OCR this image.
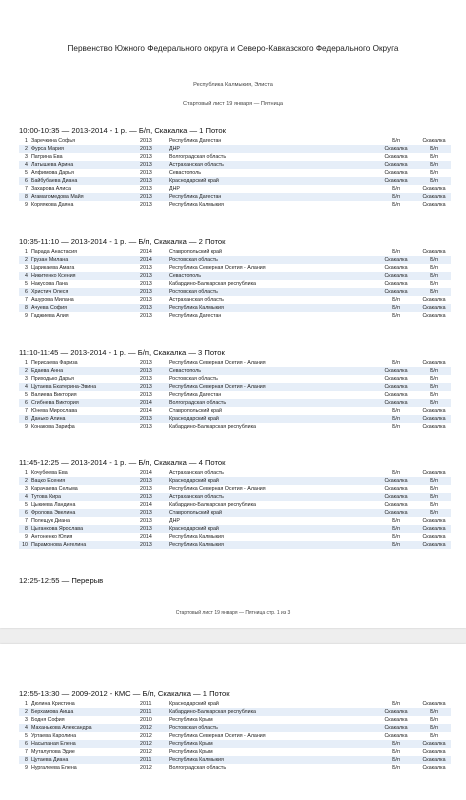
Первенство Южного Федерального округа и Северо-Кавказского Федерального Округа
Республика Калмыкия, Элиста
Стартовый лист 19 января — Пятница
10:00-10:35 — 2013-2014 - 1 р. — Б/п, Скакалка — 1 Поток
1 Заречкина Софья	2013	Республика Дагестан	Б/п	Скакалка
2 Фурса Мария	2013	ДНР	Скакалка	Б/п
3 Патрина Ева	2013	Волгоградская область	Скакалка	Б/п
4 Латышева Арина	2013	Астраханская область	Скакалка	Б/п
5 Алфимова Дарья	2013	Севастополь	Скакалка	Б/п
6 Байбубаева Диана	2013	Краснодарский край	Скакалка	Б/п
7 Захарова Алиса	2013	ДНР	Б/п	Скакалка
8 Агамагомедова Майя	2013	Республика Дагестан	Б/п	Скакалка
9 Коряякова Дaяна	2013	Республика Калмыкия	Б/п	Скакалка
10:35-11:10 — 2013-2014 - 1 р. — Б/п, Скакалка — 2 Поток
1 Парада Анастасия	2014	Ставропольский край	Б/п	Скакалка
2 Грузан Милана	2014	Ростовская область	Скакалка	Б/п
3 Царикаева Амага	2013	Республика Северная Осетия - Алания	Скакалка	Б/п
4 Никитенко Ксения	2013	Севастополь	Скакалка	Б/п
5 Накусова Лана	2013	Кабардино-Балкарская республика	Скакалка	Б/п
6 Христич Олеся	2013	Ростовская область	Скакалка	Б/п
7 Ашурова Милана	2013	Астраханская область	Б/п	Скакалка
8 Ачуева София	2013	Республика Калмыкия	Б/п	Скакалка
9 Гаджиева Алия	2013	Республика Дагестан	Б/п	Скакалка
11:10-11:45 — 2013-2014 - 1 р. — Б/п, Скакалка — 3 Поток
1 Перисаева Фариза	2013	Республика Северная Осетия - Алания	Б/п	Скакалка
2 Едаева Анна	2013	Севастополь	Скакалка	Б/п
3 Приходько Дарья	2013	Ростовская область	Скакалка	Б/п
4 Цутаева Екатерина-Эвина	2013	Республика Северная Осетия - Алания	Скакалка	Б/п
5 Валиева Виктория	2013	Республика Дагестан	Скакалка	Б/п
6 Сгибнева Виктория	2014	Волгоградская область	Скакалка	Б/п
7 Юнева Мирослава	2014	Ставропольский край	Б/п	Скакалка
8 Данько Алина	2013	Краснодарский край	Б/п	Скакалка
9 Конакова Зарифа	2013	Кабардино-Балкарская республика	Б/п	Скакалка
11:45-12:25 — 2013-2014 - 1 р. — Б/п, Скакалка — 4 Поток
1 Кочубеева Ева	2014	Астраханская область	Б/п	Скакалка
2 Вацко Есения	2013	Краснодарский край	Скакалка	Б/п
3 Карачаева Сельма	2013	Республика Северная Осетия - Алания	Скакалка	Б/п
4 Тутова Кира	2013	Астраханская область	Скакалка	Б/п
5 Цыкиева Ландина	2014	Кабардино-Балкарская республика	Скакалка	Б/п
6 Фролова Эвелина	2013	Ставропольский край	Скакалка	Б/п
7 Полещук Диана	2013	ДНР	Б/п	Скакалка
8 Цыганкова Ярослава	2013	Краснодарский край	Б/п	Скакалка
9 Антоненко Юлия	2014	Республика Калмыкия	Б/п	Скакалка
10 Парамонова Ангелина	2013	Республика Калмыкия	Б/п	Скакалка
12:25-12:55 — Перерыв
Стартовый лист 19 января — Пятница стр. 1 из 3
12:55-13:30 — 2009-2012 - КМС — Б/п, Скакалка — 1 Поток
1 Дюлина Кристина	2011	Краснодарский край	Б/п	Скакалка
2 Берхамова Аиша	2011	Кабардино-Балкарская республика	Скакалка	Б/п
3 Бодня София	2010	Республика Крым	Скакалка	Б/п
4 Маханькова Александра	2012	Ростовская область	Скакалка	Б/п
5 Уртаева Каролина	2012	Республика Северная Осетия - Алания	Скакалка	Б/п
6 Насыпаная Елена	2012	Республика Крым	Б/п	Скакалка
7 Муталупова Эдие	2012	Республика Крым	Б/п	Скакалка
8 Цутаева Диана	2011	Республика Калмыкия	Б/п	Скакалка
9 Нургалеева Елена	2012	Волгоградская область	Б/п	Скакалка
